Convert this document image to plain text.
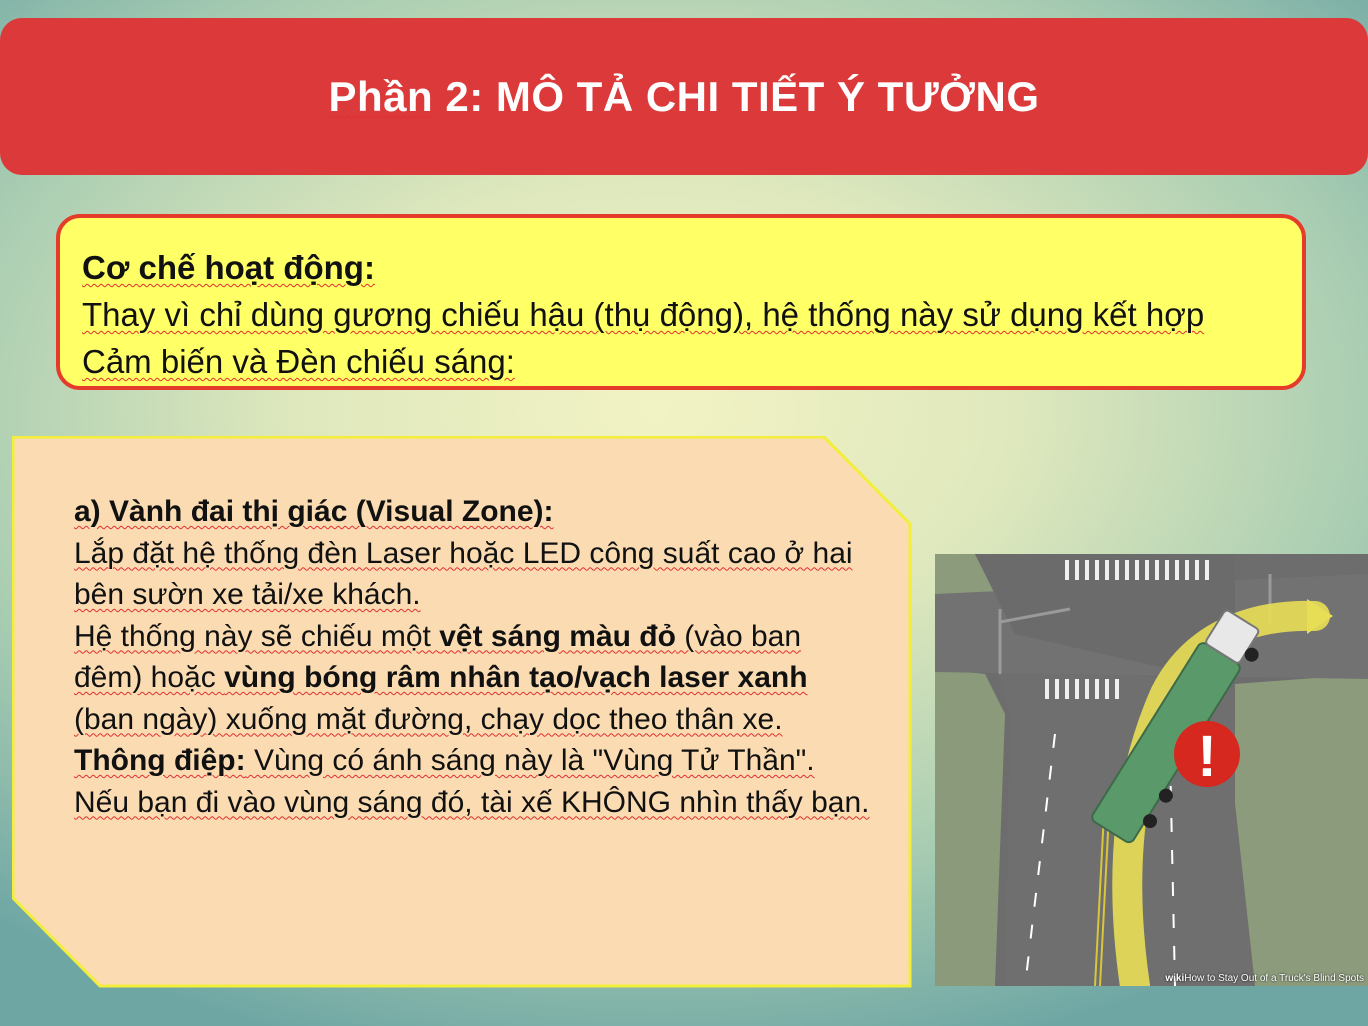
Phần 2: MÔ TẢ CHI TIẾT Ý TƯỞNG
Cơ chế hoạt động:
Thay vì chỉ dùng gương chiếu hậu (thụ động), hệ thống này sử dụng kết hợp Cảm biến và Đèn chiếu sáng:
a) Vành đai thị giác (Visual Zone):
Lắp đặt hệ thống đèn Laser hoặc LED công suất cao ở hai bên sườn xe tải/xe khách.
Hệ thống này sẽ chiếu một vệt sáng màu đỏ (vào ban đêm) hoặc vùng bóng râm nhân tạo/vạch laser xanh (ban ngày) xuống mặt đường, chạy dọc theo thân xe.
Thông điệp: Vùng có ánh sáng này là "Vùng Tử Thần". Nếu bạn đi vào vùng sáng đó, tài xế KHÔNG nhìn thấy bạn.
!
wikiHow to Stay Out of a Truck's Blind Spots
